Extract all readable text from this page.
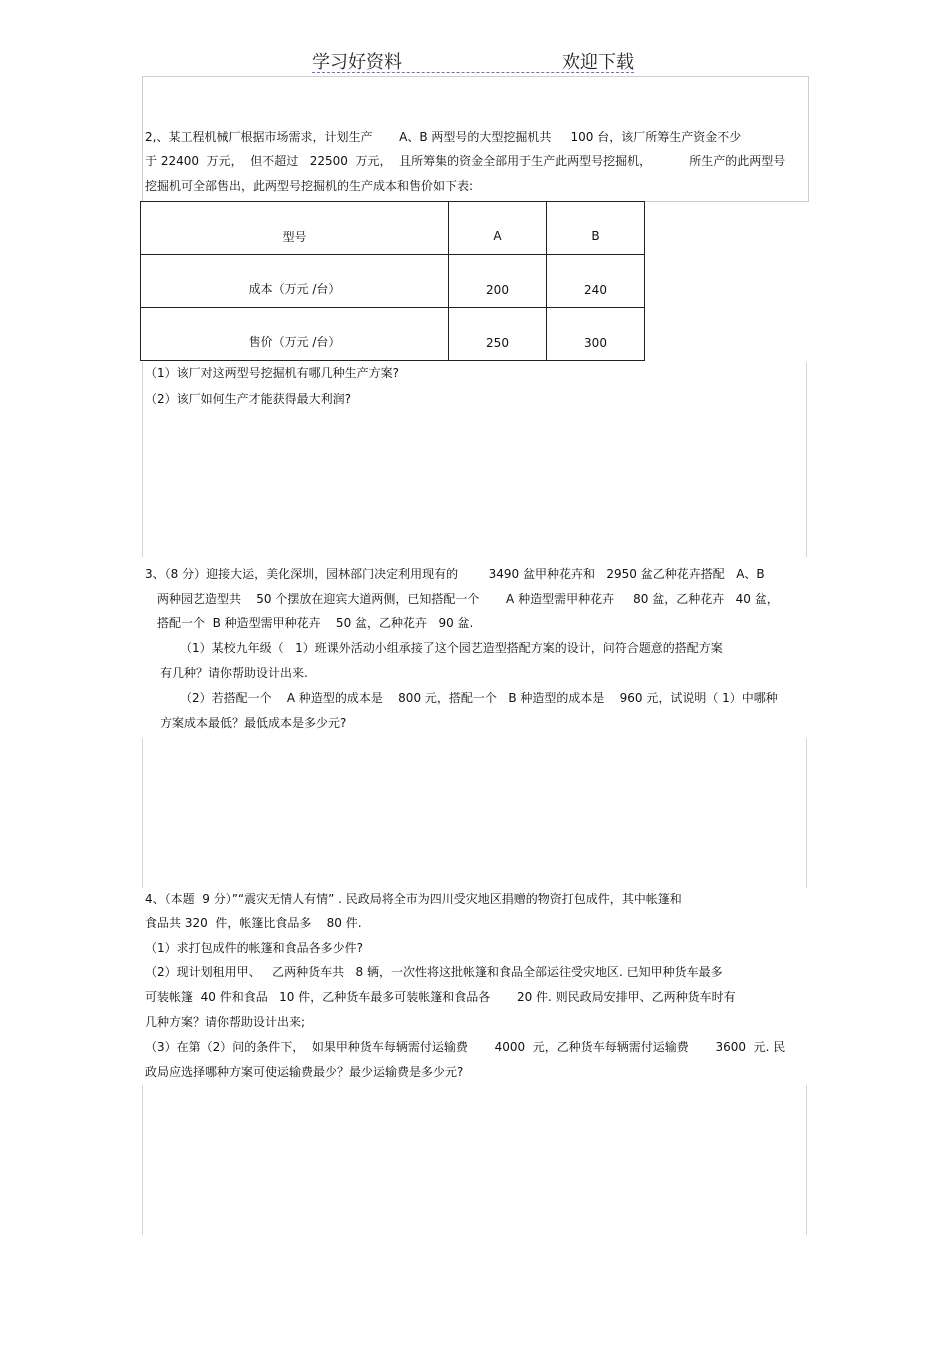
学习好资料	欢迎下载
2,、某工程机械厂根据市场需求，计划生产       A、B 两型号的大型挖掘机共     100 台，该厂所筹生产资金不少
于 22400  万元，  但不超过   22500  万元，  且所筹集的资金全部用于生产此两型号挖掘机，          所生产的此两型号
挖掘机可全部售出，此两型号挖掘机的生产成本和售价如下表:
型号	A	B
成本（万元 /台）	200	240
售价（万元 /台）	250	300
（1）该厂对这两型号挖掘机有哪几种生产方案?
（2）该厂如何生产才能获得最大利润?
3、（8 分）迎接大运，美化深圳，园林部门决定利用现有的        3490 盆甲种花卉和   2950 盆乙种花卉搭配   A、B
两种园艺造型共    50 个摆放在迎宾大道两侧，已知搭配一个       A 种造型需甲种花卉     80 盆，乙种花卉   40 盆，
搭配一个  B 种造型需甲种花卉    50 盆，乙种花卉   90 盆.
（1）某校九年级（   1）班课外活动小组承接了这个园艺造型搭配方案的设计，问符合题意的搭配方案
有几种？请你帮助设计出来.
（2）若搭配一个    A 种造型的成本是    800 元，搭配一个   B 种造型的成本是    960 元，试说明（ 1）中哪种
方案成本最低？最低成本是多少元?
4、（本题  9 分）”“震灾无情人有情” . 民政局将全市为四川受灾地区捐赠的物资打包成件，其中帐篷和
食品共 320  件，帐篷比食品多    80 件.
（1）求打包成件的帐篷和食品各多少件?
（2）现计划租用甲、   乙两种货车共   8 辆，一次性将这批帐篷和食品全部运往受灾地区. 已知甲种货车最多
可装帐篷  40 件和食品   10 件，乙种货车最多可装帐篷和食品各       20 件. 则民政局安排甲、乙两种货车时有
几种方案？请你帮助设计出来;
（3）在第（2）问的条件下，  如果甲种货车每辆需付运输费       4000  元，乙种货车每辆需付运输费       3600  元. 民
政局应选择哪种方案可使运输费最少？最少运输费是多少元?
